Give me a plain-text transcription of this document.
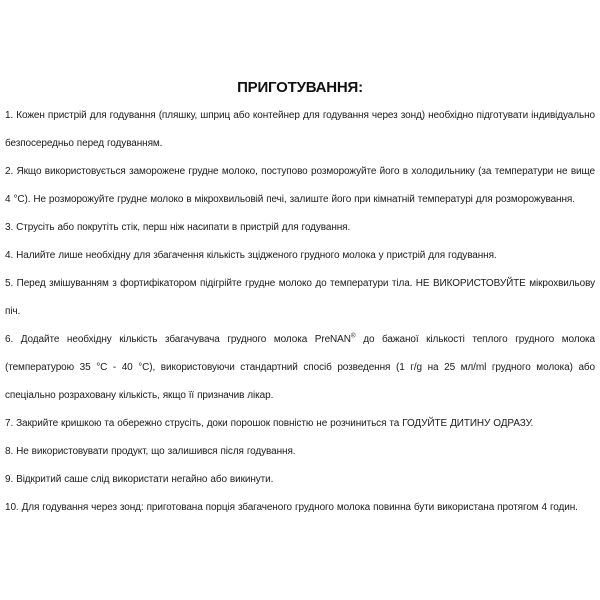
ПРИГОТУВАННЯ:

1. Кожен пристрій для годування (пляшку, шприц або контейнер для годування через зонд) необхідно підготувати індивідуально безпосередньо перед годуванням.

2. Якщо використовується заморожене грудне молоко, поступово розморожуйте його в холодильнику (за температури не вище 4 °C). Не розморожуйте грудне молоко в мікрохвильовій печі, залиште його при кімнатній температурі для розморожування.

3. Струсіть або покрутіть стік, перш ніж насипати в пристрій для годування.

4. Налийте лише необхідну для збагачення кількість зцідженого грудного молока у пристрій для годування.

5. Перед змішуванням з фортифікатором підігрійте грудне молоко до температури тіла. НЕ ВИКОРИСТОВУЙТЕ мікрохвильову піч.

6. Додайте необхідну кількість збагачувача грудного молока PreNAN® до бажаної кількості теплого грудного молока (температурою 35 °C - 40 °C), використовуючи стандартний спосіб розведення (1 г/g на 25 мл/ml грудного молока) або спеціально розраховану кількість, якщо її призначив лікар.

7. Закрийте кришкою та обережно струсіть, доки порошок повністю не розчиниться та ГОДУЙТЕ ДИТИНУ ОДРАЗУ.

8. Не використовувати продукт, що залишився після годування.

9. Відкритий саше слід використати негайно або викинути.

10. Для годування через зонд: приготована порція збагаченого грудного молока повинна бути використана протягом 4 годин.
